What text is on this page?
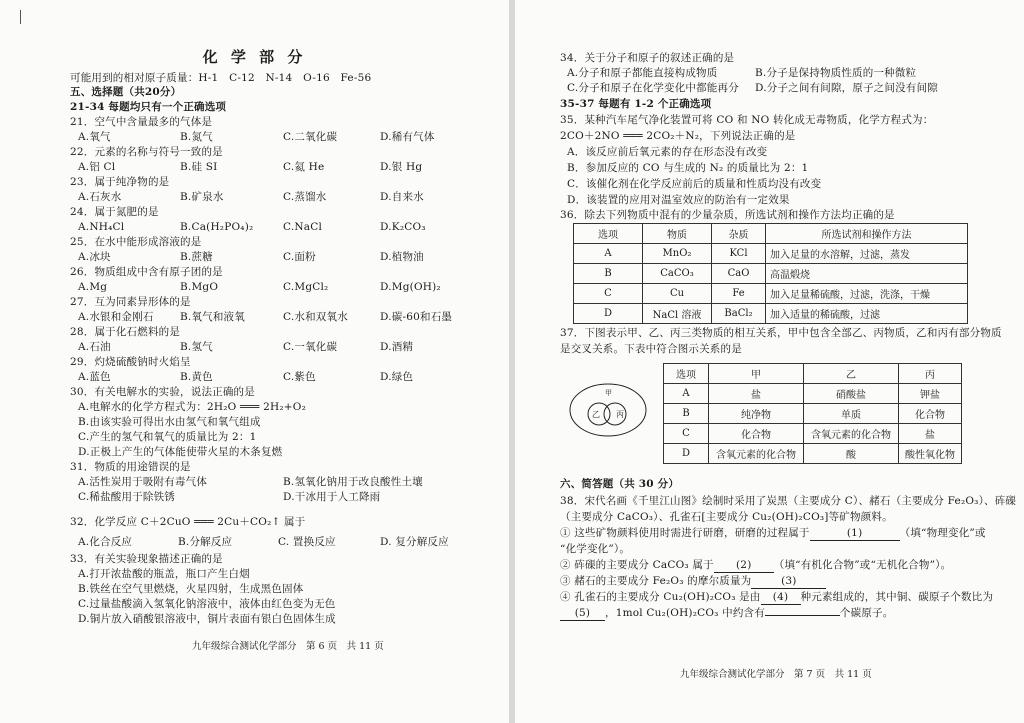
化 学 部 分
可能用到的相对原子质量：H-1　C-12　N-14　O-16　Fe-56
五、选择题（共20分）
21-34 每题均只有一个正确选项
21．空气中含量最多的气体是
A.氧气	B.氮气	C.二氧化碳	D.稀有气体
22．元素的名称与符号一致的是
A.铝 Cl	B.硅 SI	C.氦 He	D.银 Hg
23．属于纯净物的是
A.石灰水	B.矿泉水	C.蒸馏水	D.自来水
24．属于氮肥的是
A.NH₄Cl	B.Ca(H₂PO₄)₂	C.NaCl	D.K₂CO₃
25．在水中能形成溶液的是
A.冰块	B.蔗糖	C.面粉	D.植物油
26．物质组成中含有原子团的是
A.Mg	B.MgO	C.MgCl₂	D.Mg(OH)₂
27．互为同素异形体的是
A.水银和金刚石	B.氧气和液氧	C.水和双氧水	D.碳-60和石墨
28．属于化石燃料的是
A.石油	B.氢气	C.一氧化碳	D.酒精
29．灼烧硫酸钠时火焰呈
A.蓝色	B.黄色	C.紫色	D.绿色
30．有关电解水的实验，说法正确的是
A.电解水的化学方程式为：2H₂O ═══ 2H₂+O₂
B.由该实验可得出水由氢气和氧气组成
C.产生的氢气和氧气的质量比为 2：1
D.正极上产生的气体能使带火星的木条复燃
31．物质的用途错误的是
A.活性炭用于吸附有毒气体	B.氢氧化钠用于改良酸性土壤
C.稀盐酸用于除铁锈	D.干冰用于人工降雨
32．化学反应 C＋2CuO ═══ 2Cu＋CO₂↑ 属于
A.化合反应	B.分解反应	C. 置换反应	D. 复分解反应
33．有关实验现象描述正确的是
A.打开浓盐酸的瓶盖，瓶口产生白烟
B.铁丝在空气里燃烧，火星四射，生成黑色固体
C.过量盐酸滴入氢氧化钠溶液中，液体由红色变为无色
D.铜片放入硝酸银溶液中，铜片表面有银白色固体生成
九年级综合测试化学部分　第 6 页　共 11 页
34．关于分子和原子的叙述正确的是
A.分子和原子都能直接构成物质	B.分子是保持物质性质的一种微粒
C.分子和原子在化学变化中都能再分 D.分子之间有间隙，原子之间没有间隙
35-37 每题有 1-2 个正确选项
35．某种汽车尾气净化装置可将 CO 和 NO 转化成无毒物质，化学方程式为：
2CO＋2NO ═══ 2CO₂＋N₂，下列说法正确的是
A．该反应前后氧元素的存在形态没有改变
B．参加反应的 CO 与生成的 N₂ 的质量比为 2：1
C．该催化剂在化学反应前后的质量和性质均没有改变
D．该装置的应用对温室效应的防治有一定效果
36．除去下列物质中混有的少量杂质，所选试剂和操作方法均正确的是
选项	物质	杂质	所选试剂和操作方法
A	MnO₂	KCl	加入足量的水溶解，过滤，蒸发
B	CaCO₃	CaO	高温煅烧
C	Cu	Fe	加入足量稀硫酸，过滤，洗涤，干燥
D	NaCl 溶液	BaCl₂	加入适量的稀硫酸，过滤
37．下图表示甲、乙、丙三类物质的相互关系，甲中包含全部乙、丙物质，乙和丙有部分物质
是交叉关系。下表中符合图示关系的是
甲
乙 丙
选项	甲	乙	丙
A	盐	硝酸盐	钾盐
B	纯净物	单质	化合物
C	化合物	含氧元素的化合物	盐
D	含氧元素的化合物	酸	酸性氧化物
六、简答题（共 30 分）
38．宋代名画《千里江山图》绘制时采用了炭黑（主要成分 C）、赭石（主要成分 Fe₂O₃）、砗磲
（主要成分 CaCO₃）、孔雀石[主要成分 Cu₂(OH)₂CO₃]等矿物颜料。
① 这些矿物颜料使用时需进行研磨，研磨的过程属于	(1)	（填“物理变化”或
“化学变化”）。
② 砗磲的主要成分 CaCO₃ 属于 (2) （填“有机化合物”或“无机化合物”）。
③ 赭石的主要成分 Fe₂O₃ 的摩尔质量为	(3)
④ 孔雀石的主要成分 Cu₂(OH)₂CO₃ 是由 (4) 种元素组成的，其中铜、碳原子个数比为
(5) ，1mol Cu₂(OH)₂CO₃ 中约含有	个碳原子。
九年级综合测试化学部分　第 7 页　共 11 页
